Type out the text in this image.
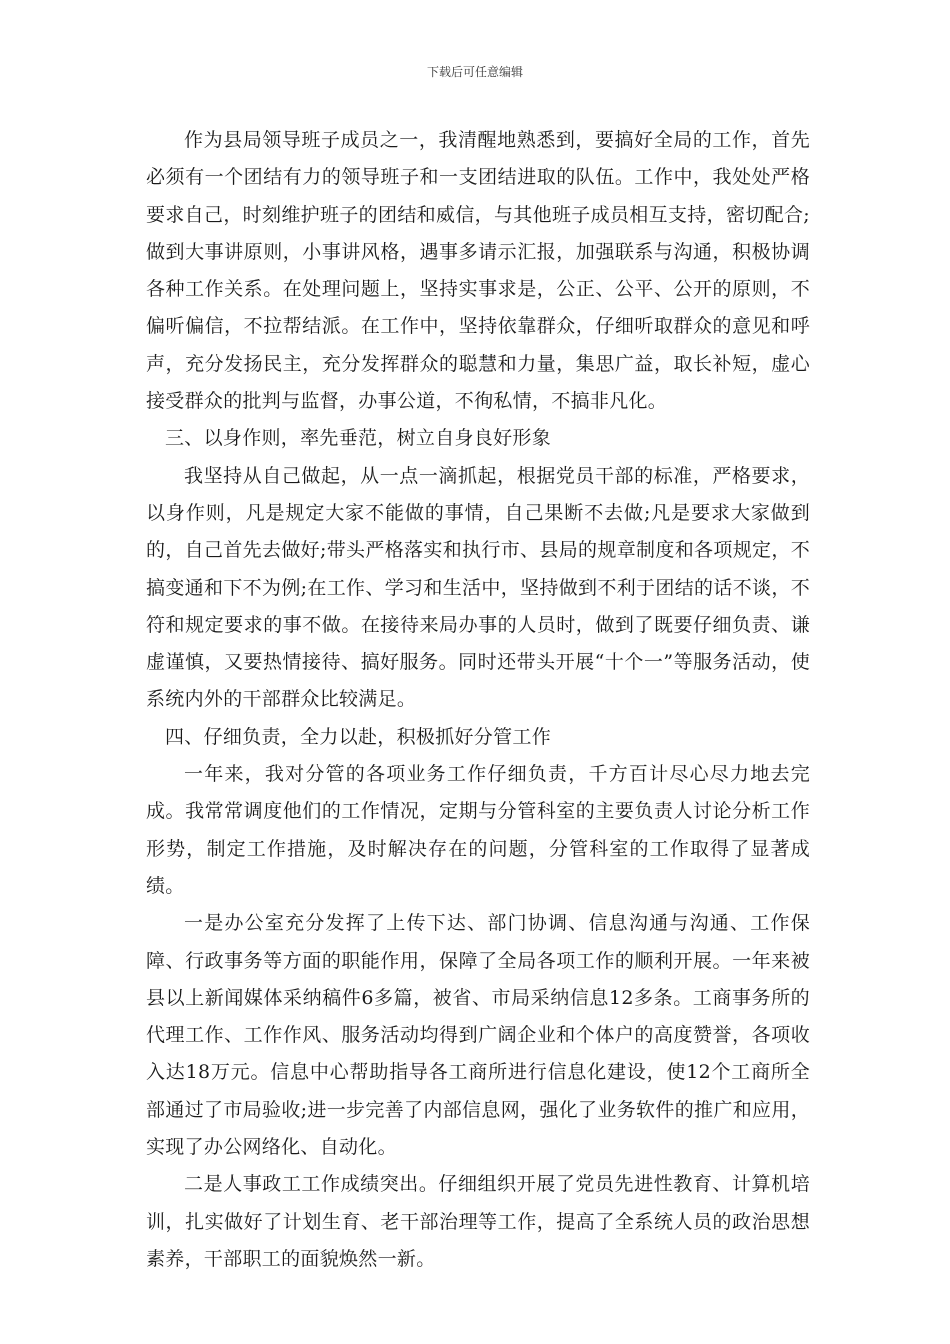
下载后可任意编辑

作为县局领导班子成员之一，我清醒地熟悉到，要搞好全局的工作，首先必须有一个团结有力的领导班子和一支团结进取的队伍。工作中，我处处严格要求自己，时刻维护班子的团结和威信，与其他班子成员相互支持，密切配合;做到大事讲原则，小事讲风格，遇事多请示汇报，加强联系与沟通，积极协调各种工作关系。在处理问题上，坚持实事求是，公正、公平、公开的原则，不偏听偏信，不拉帮结派。在工作中，坚持依靠群众，仔细听取群众的意见和呼声，充分发扬民主，充分发挥群众的聪慧和力量，集思广益，取长补短，虚心接受群众的批判与监督，办事公道，不徇私情，不搞非凡化。

三、以身作则，率先垂范，树立自身良好形象

我坚持从自己做起，从一点一滴抓起，根据党员干部的标准，严格要求，以身作则，凡是规定大家不能做的事情，自己果断不去做;凡是要求大家做到的，自己首先去做好;带头严格落实和执行市、县局的规章制度和各项规定，不搞变通和下不为例;在工作、学习和生活中，坚持做到不利于团结的话不谈，不符和规定要求的事不做。在接待来局办事的人员时，做到了既要仔细负责、谦虚谨慎，又要热情接待、搞好服务。同时还带头开展“十个一”等服务活动，使系统内外的干部群众比较满足。

四、仔细负责，全力以赴，积极抓好分管工作

一年来，我对分管的各项业务工作仔细负责，千方百计尽心尽力地去完成。我常常调度他们的工作情况，定期与分管科室的主要负责人讨论分析工作形势，制定工作措施，及时解决存在的问题，分管科室的工作取得了显著成绩。

一是办公室充分发挥了上传下达、部门协调、信息沟通与沟通、工作保障、行政事务等方面的职能作用，保障了全局各项工作的顺利开展。一年来被县以上新闻媒体采纳稿件6多篇，被省、市局采纳信息12多条。工商事务所的代理工作、工作作风、服务活动均得到广阔企业和个体户的高度赞誉，各项收入达18万元。信息中心帮助指导各工商所进行信息化建设，使12个工商所全部通过了市局验收;进一步完善了内部信息网，强化了业务软件的推广和应用，实现了办公网络化、自动化。

二是人事政工工作成绩突出。仔细组织开展了党员先进性教育、计算机培训，扎实做好了计划生育、老干部治理等工作，提高了全系统人员的政治思想素养，干部职工的面貌焕然一新。
